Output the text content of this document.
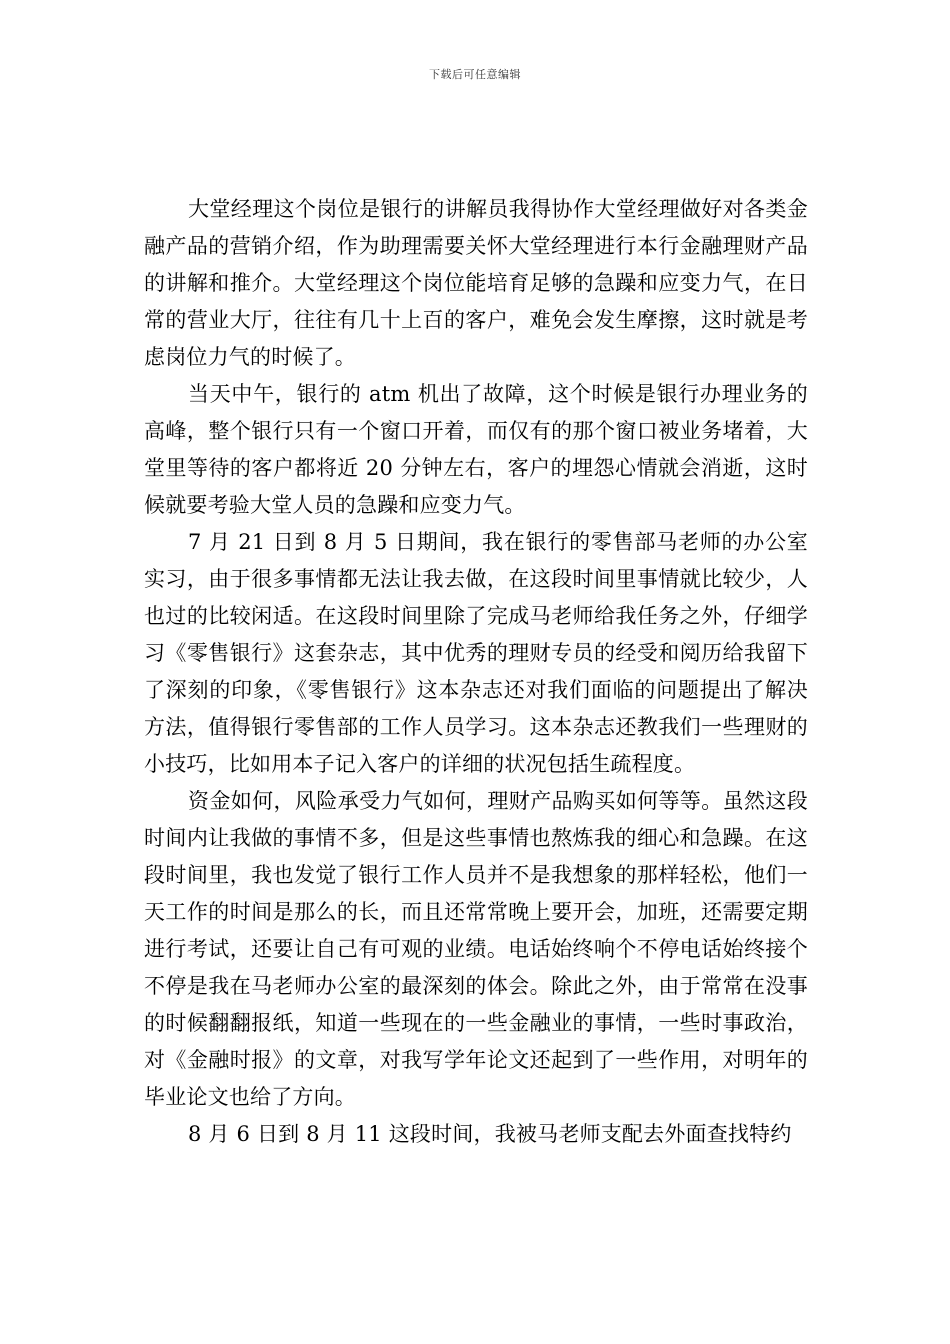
下载后可任意编辑

大堂经理这个岗位是银行的讲解员我得协作大堂经理做好对各类金融产品的营销介绍，作为助理需要关怀大堂经理进行本行金融理财产品的讲解和推介。大堂经理这个岗位能培育足够的急躁和应变力气，在日常的营业大厅，往往有几十上百的客户，难免会发生摩擦，这时就是考虑岗位力气的时候了。

当天中午，银行的 atm 机出了故障，这个时候是银行办理业务的高峰，整个银行只有一个窗口开着，而仅有的那个窗口被业务堵着，大堂里等待的客户都将近 20 分钟左右，客户的埋怨心情就会消逝，这时候就要考验大堂人员的急躁和应变力气。

7 月 21 日到 8 月 5 日期间，我在银行的零售部马老师的办公室实习，由于很多事情都无法让我去做，在这段时间里事情就比较少，人也过的比较闲适。在这段时间里除了完成马老师给我任务之外，仔细学习《零售银行》这套杂志，其中优秀的理财专员的经受和阅历给我留下了深刻的印象，《零售银行》这本杂志还对我们面临的问题提出了解决方法，值得银行零售部的工作人员学习。这本杂志还教我们一些理财的小技巧，比如用本子记入客户的详细的状况包括生疏程度。

资金如何，风险承受力气如何，理财产品购买如何等等。虽然这段时间内让我做的事情不多，但是这些事情也熬炼我的细心和急躁。在这段时间里，我也发觉了银行工作人员并不是我想象的那样轻松，他们一天工作的时间是那么的长，而且还常常晚上要开会，加班，还需要定期进行考试，还要让自己有可观的业绩。电话始终响个不停电话始终接个不停是我在马老师办公室的最深刻的体会。除此之外，由于常常在没事的时候翻翻报纸，知道一些现在的一些金融业的事情，一些时事政治，对《金融时报》的文章，对我写学年论文还起到了一些作用，对明年的毕业论文也给了方向。

8 月 6 日到 8 月 11 这段时间，我被马老师支配去外面查找特约
